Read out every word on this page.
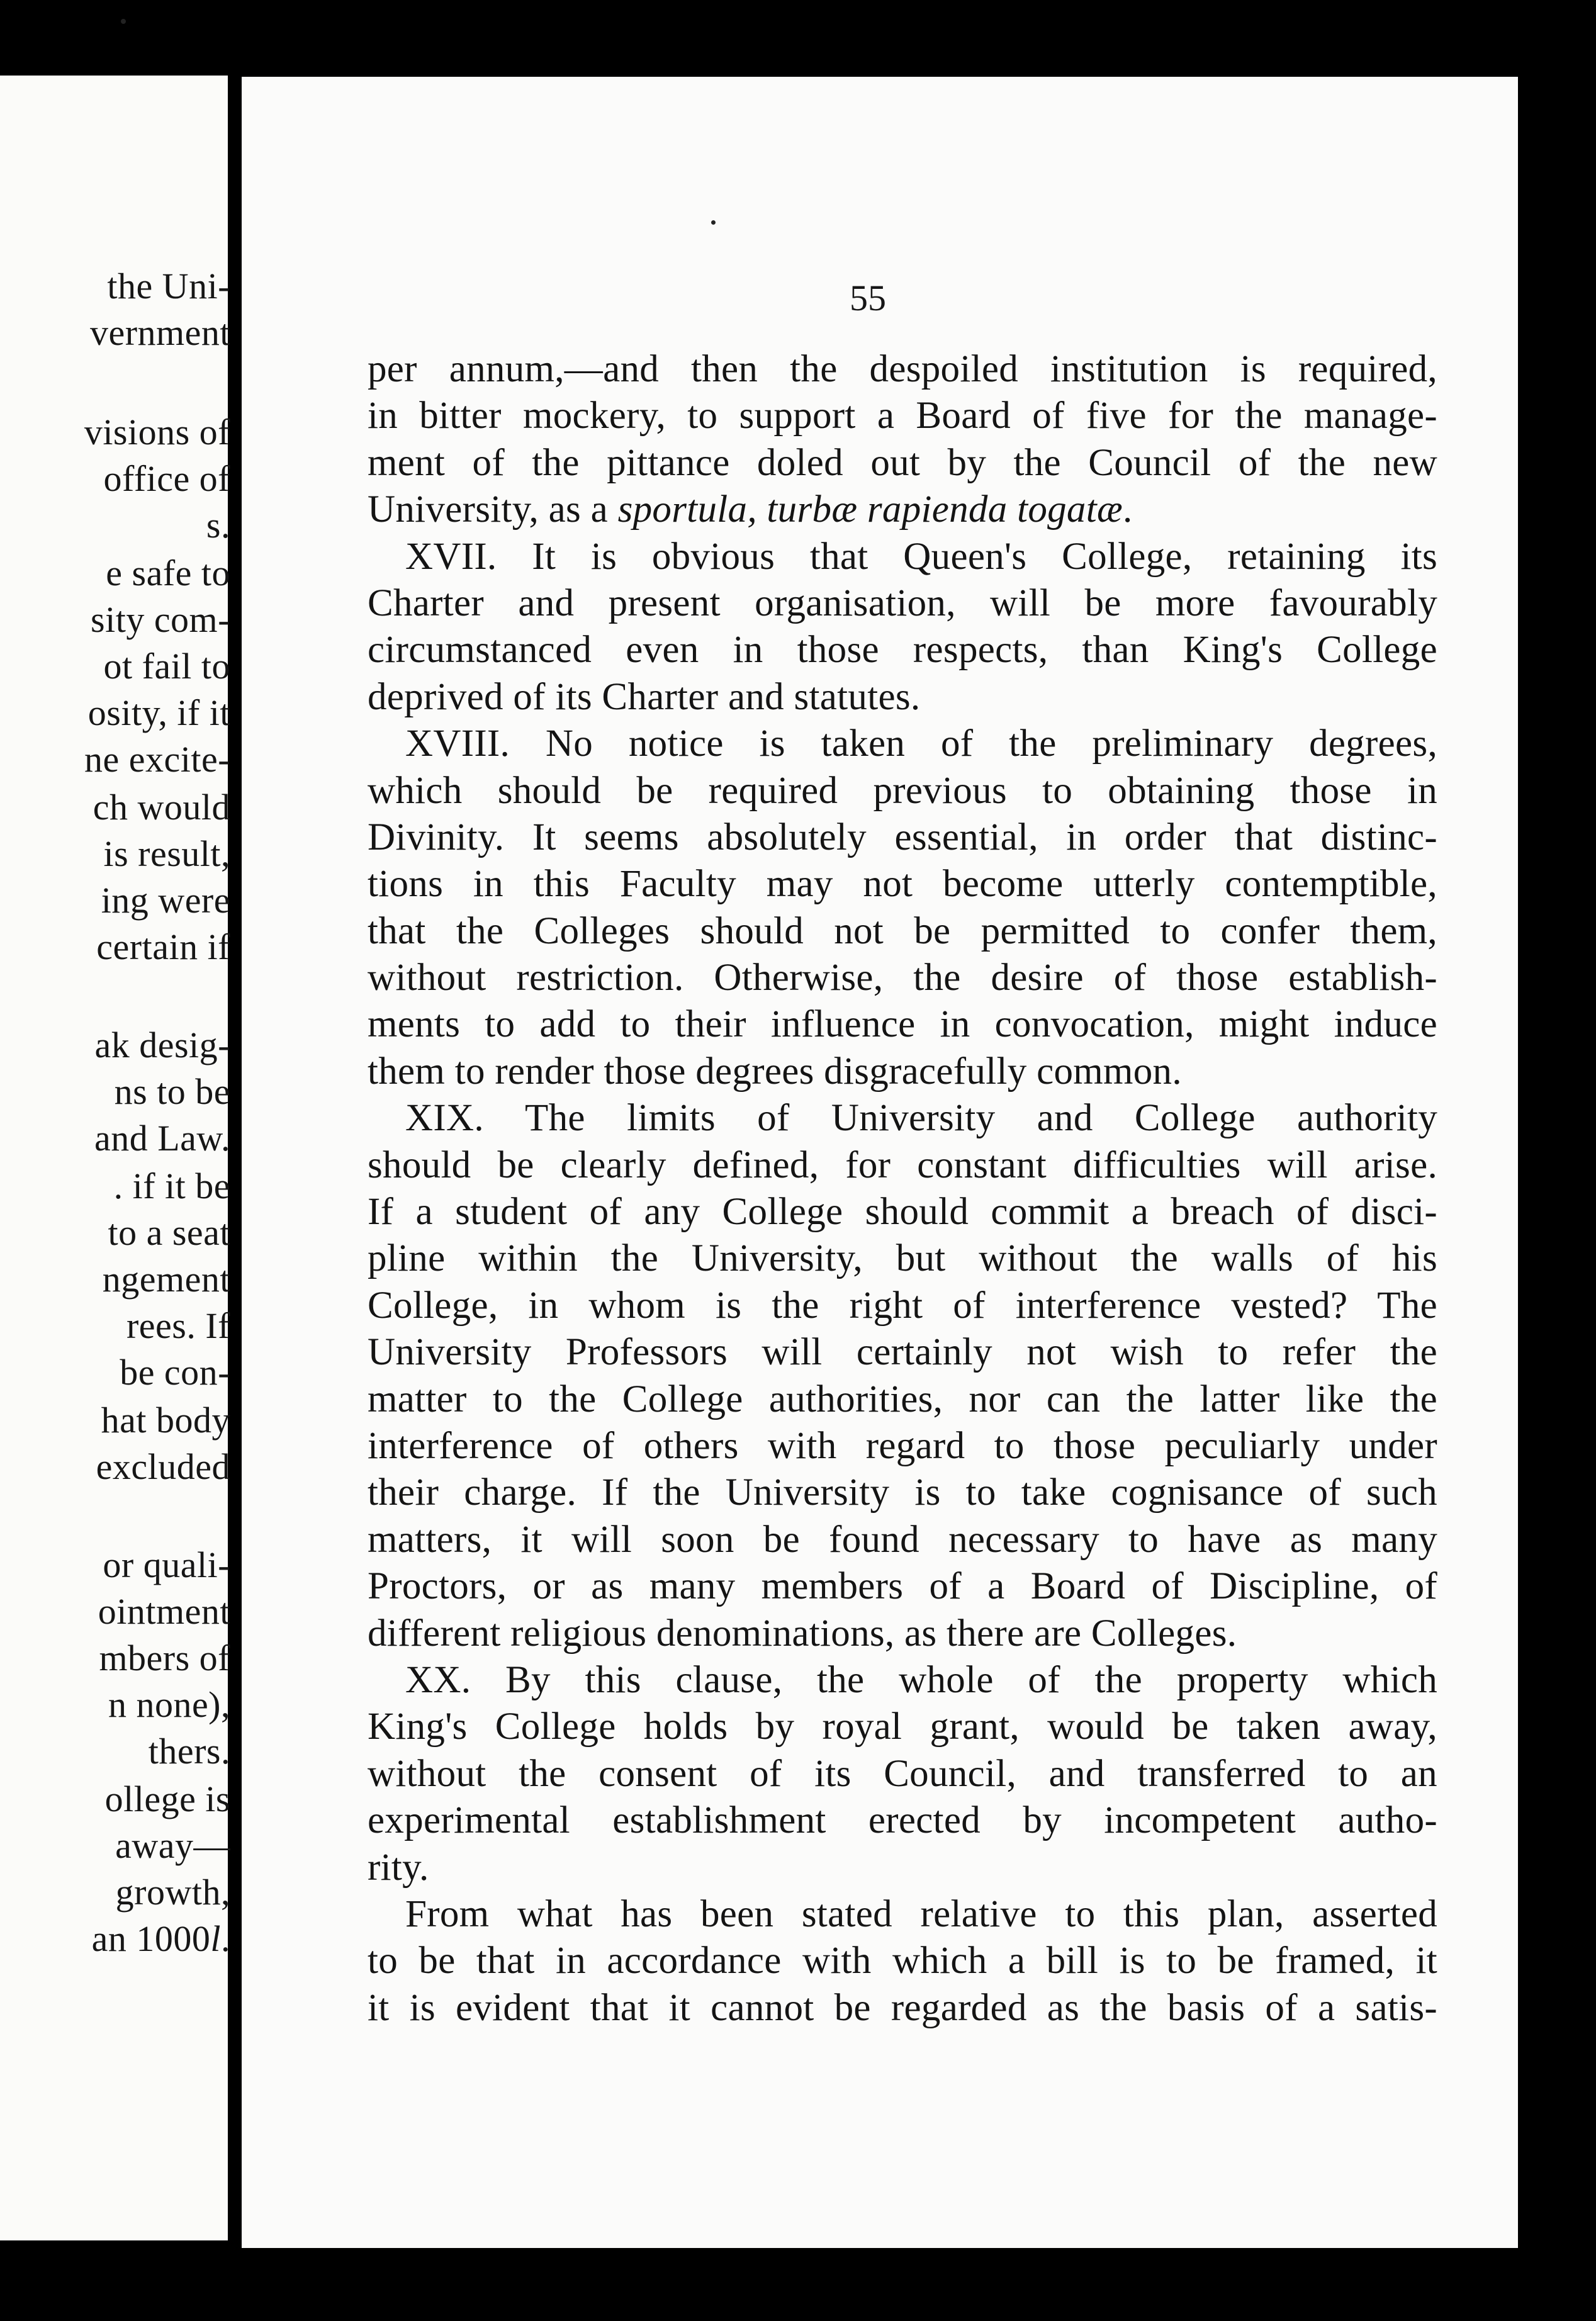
the Uni-
vernment
visions of
office of
s.
e safe to
sity com-
ot fail to
osity, if it
ne excite-
ch would
is result,
ing were
certain if
ak desig-
ns to be
and Law.
. if it be
to a seat
ngement
rees. If
be con-
hat body
excluded
or quali-
ointment
mbers of
n none),
thers.
ollege is
away—
growth,
an 1000l.
55
per annum,—and then the despoiled institution is required,
in bitter mockery, to support a Board of five for the manage-
ment of the pittance doled out by the Council of the new
University, as a sportula, turbæ rapienda togatæ.
XVII. It is obvious that Queen's College, retaining its
Charter and present organisation, will be more favourably
circumstanced even in those respects, than King's College
deprived of its Charter and statutes.
XVIII. No notice is taken of the preliminary degrees,
which should be required previous to obtaining those in
Divinity. It seems absolutely essential, in order that distinc-
tions in this Faculty may not become utterly contemptible,
that the Colleges should not be permitted to confer them,
without restriction. Otherwise, the desire of those establish-
ments to add to their influence in convocation, might induce
them to render those degrees disgracefully common.
XIX. The limits of University and College authority
should be clearly defined, for constant difficulties will arise.
If a student of any College should commit a breach of disci-
pline within the University, but without the walls of his
College, in whom is the right of interference vested? The
University Professors will certainly not wish to refer the
matter to the College authorities, nor can the latter like the
interference of others with regard to those peculiarly under
their charge. If the University is to take cognisance of such
matters, it will soon be found necessary to have as many
Proctors, or as many members of a Board of Discipline, of
different religious denominations, as there are Colleges.
XX. By this clause, the whole of the property which
King's College holds by royal grant, would be taken away,
without the consent of its Council, and transferred to an
experimental establishment erected by incompetent autho-
rity.
From what has been stated relative to this plan, asserted
to be that in accordance with which a bill is to be framed, it
it is evident that it cannot be regarded as the basis of a satis-
